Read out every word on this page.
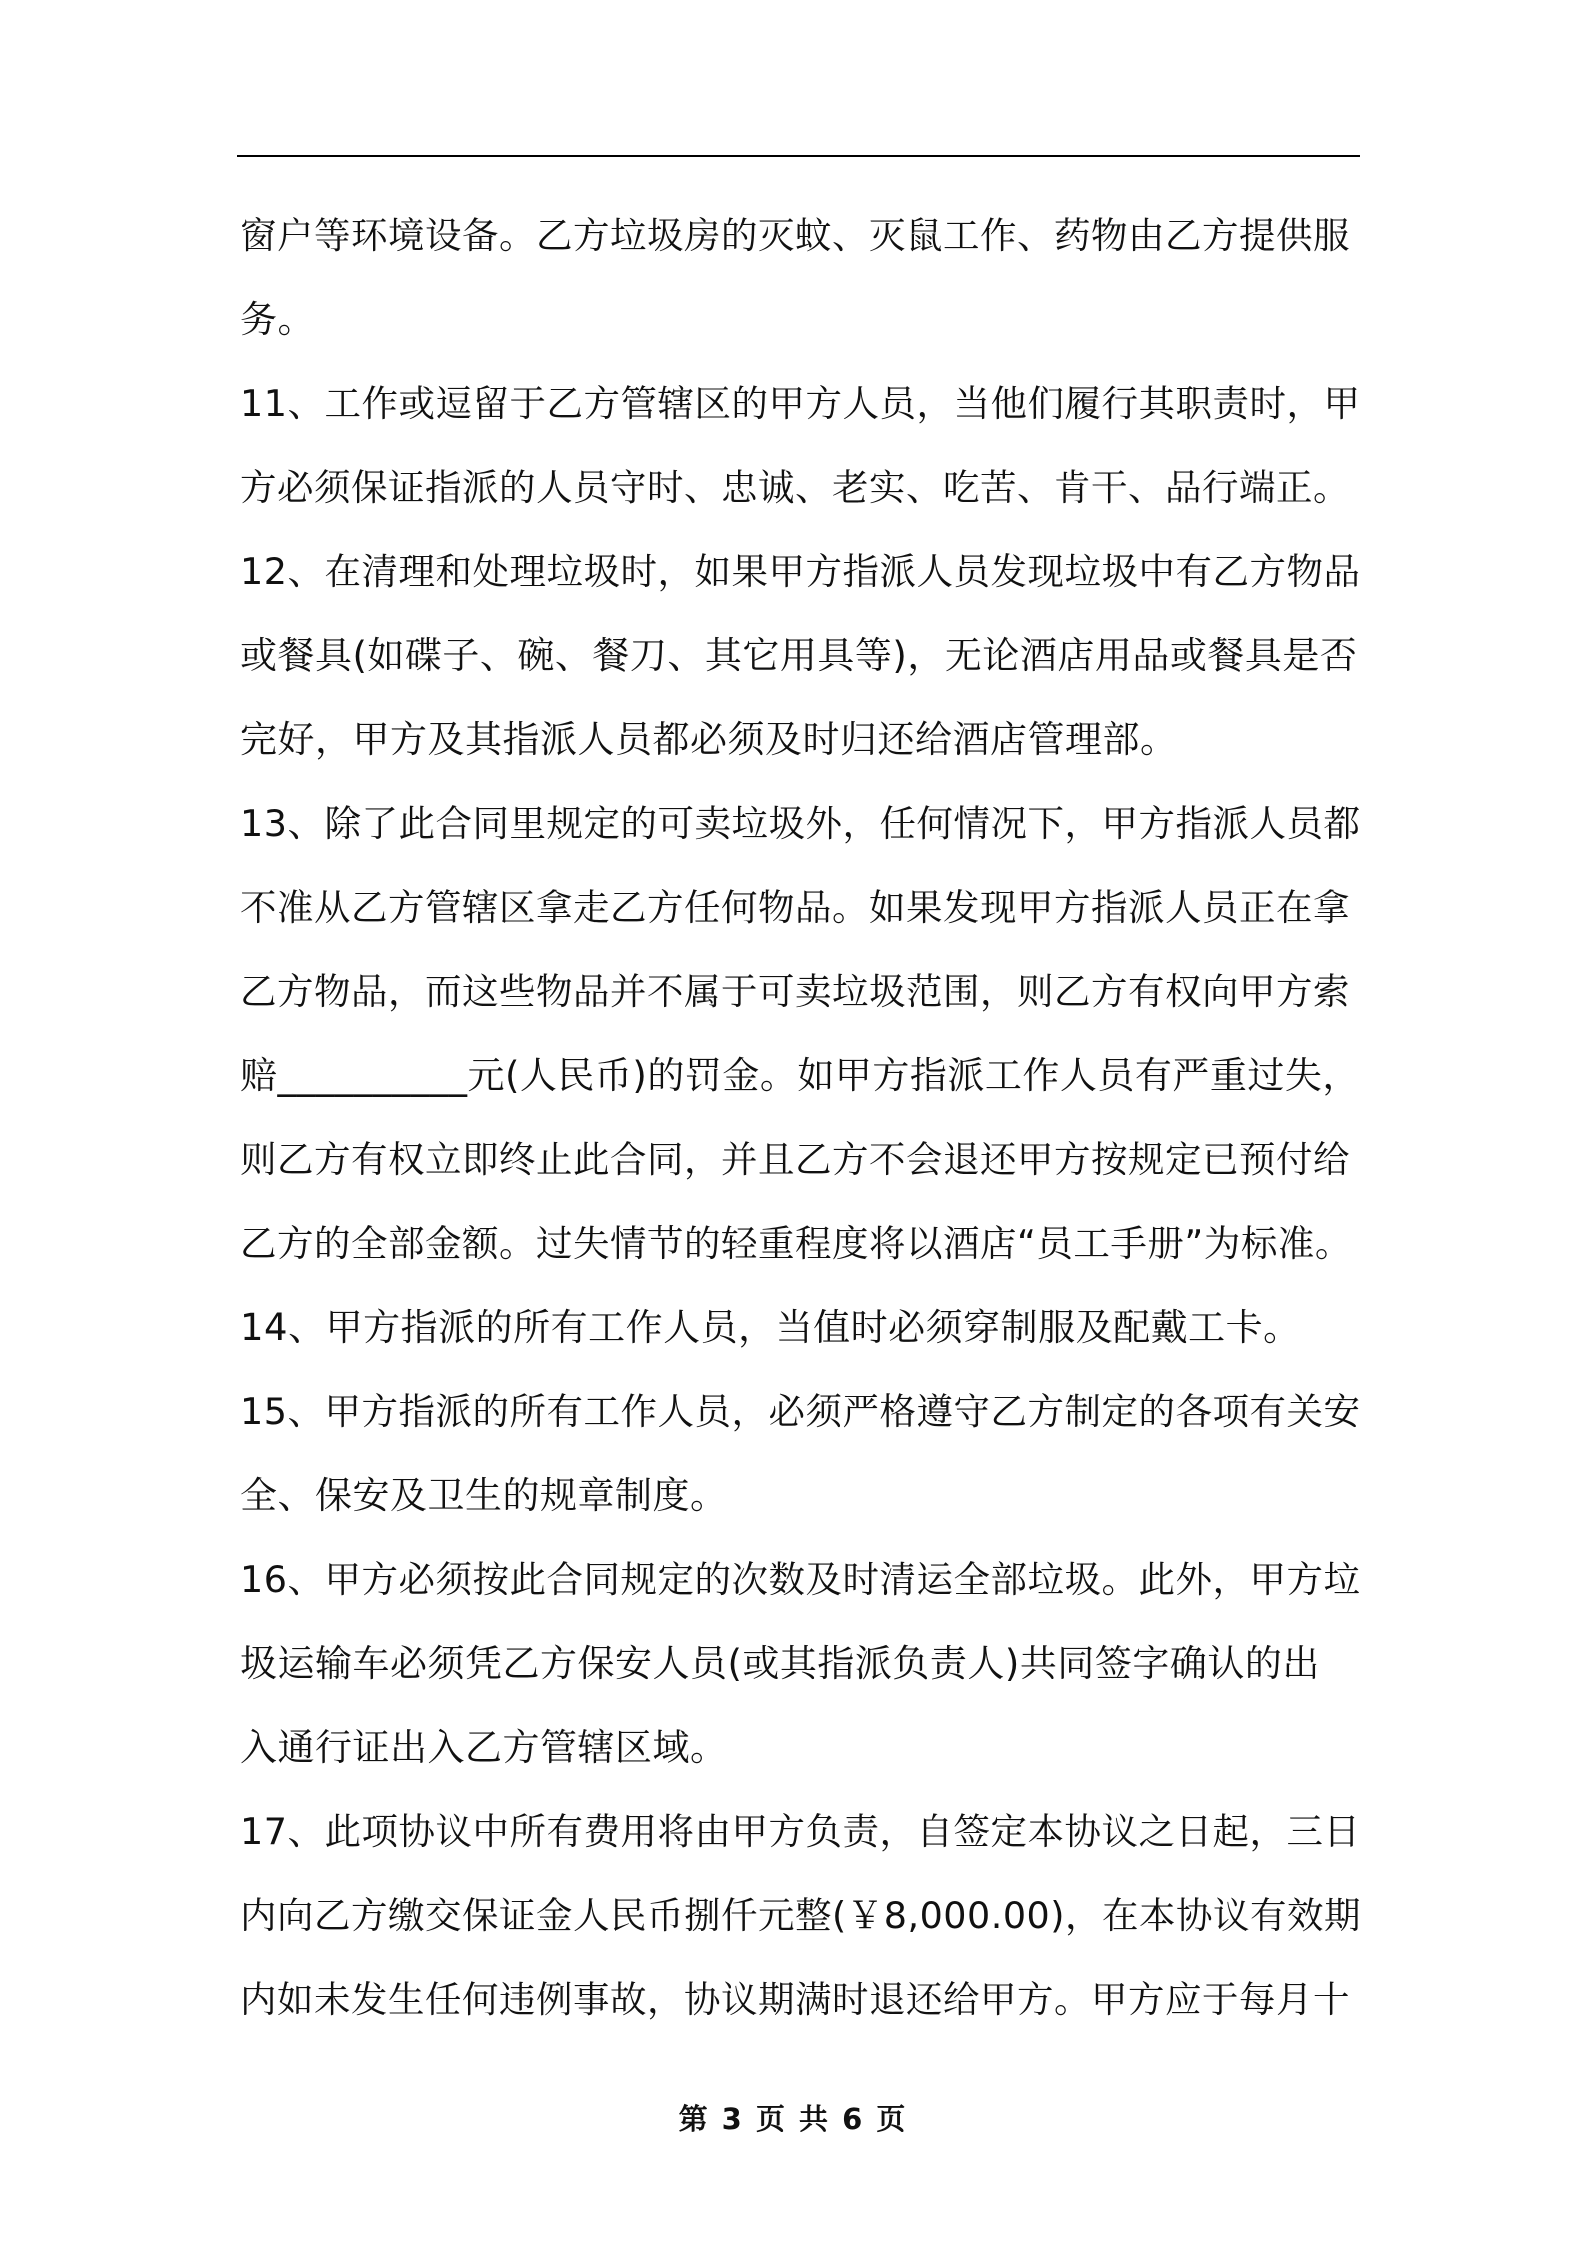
窗户等环境设备。乙方垃圾房的灭蚊、灭鼠工作、药物由乙方提供服
务。
11、工作或逗留于乙方管辖区的甲方人员，当他们履行其职责时，甲
方必须保证指派的人员守时、忠诚、老实、吃苦、肯干、品行端正。
12、在清理和处理垃圾时，如果甲方指派人员发现垃圾中有乙方物品
或餐具(如碟子、碗、餐刀、其它用具等)，无论酒店用品或餐具是否
完好，甲方及其指派人员都必须及时归还给酒店管理部。
13、除了此合同里规定的可卖垃圾外，任何情况下，甲方指派人员都
不准从乙方管辖区拿走乙方任何物品。如果发现甲方指派人员正在拿
乙方物品，而这些物品并不属于可卖垃圾范围，则乙方有权向甲方索
赔__________元(人民币)的罚金。如甲方指派工作人员有严重过失，
则乙方有权立即终止此合同，并且乙方不会退还甲方按规定已预付给
乙方的全部金额。过失情节的轻重程度将以酒店“员工手册”为标准。
14、甲方指派的所有工作人员，当值时必须穿制服及配戴工卡。
15、甲方指派的所有工作人员，必须严格遵守乙方制定的各项有关安
全、保安及卫生的规章制度。
16、甲方必须按此合同规定的次数及时清运全部垃圾。此外，甲方垃
圾运输车必须凭乙方保安人员(或其指派负责人)共同签字确认的出
入通行证出入乙方管辖区域。
17、此项协议中所有费用将由甲方负责，自签定本协议之日起，三日
内向乙方缴交保证金人民币捌仟元整(￥8,000.00)，在本协议有效期
内如未发生任何违例事故，协议期满时退还给甲方。甲方应于每月十
第 3 页 共 6 页
